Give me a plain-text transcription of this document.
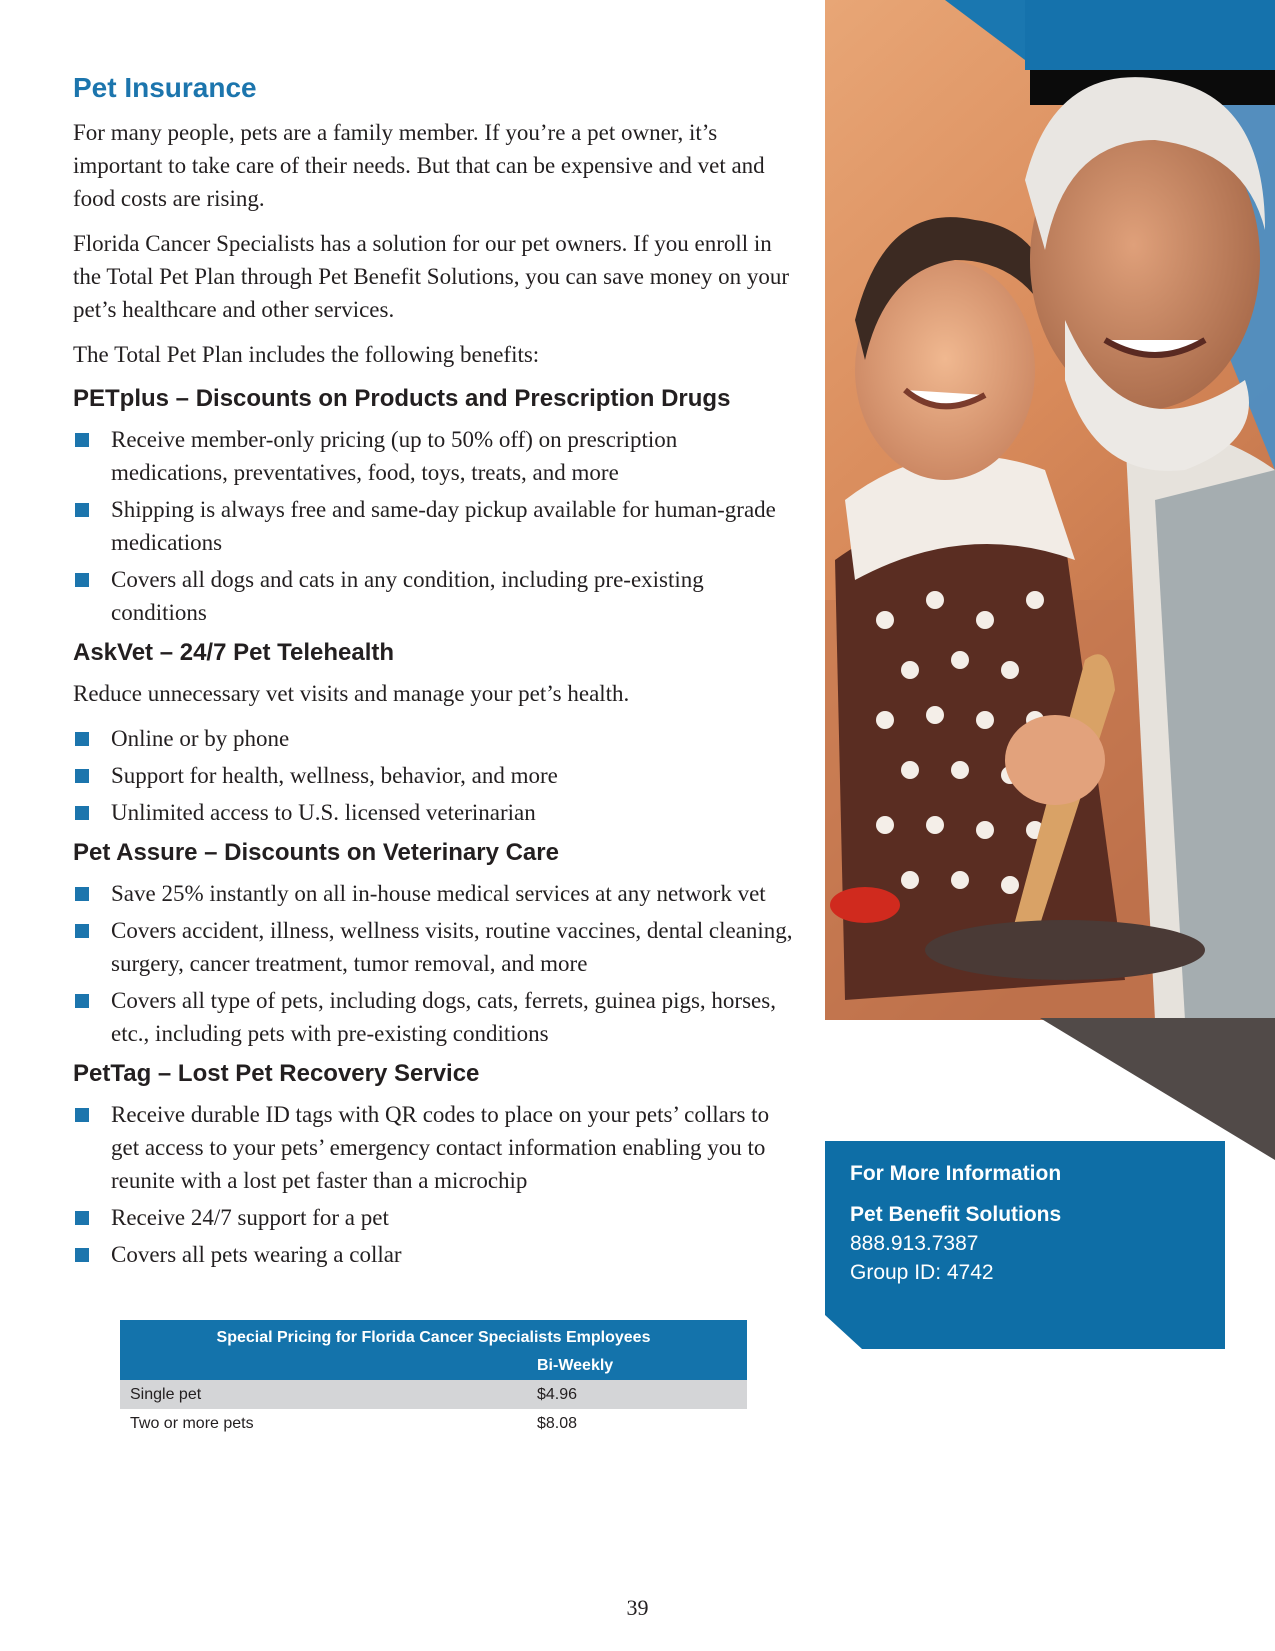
Pet Insurance

For many people, pets are a family member. If you’re a pet owner, it’s important to take care of their needs. But that can be expensive and vet and food costs are rising.

Florida Cancer Specialists has a solution for our pet owners. If you enroll in the Total Pet Plan through Pet Benefit Solutions, you can save money on your pet’s healthcare and other services.

The Total Pet Plan includes the following benefits:

PETplus – Discounts on Products and Prescription Drugs
Receive member-only pricing (up to 50% off) on prescription medications, preventatives, food, toys, treats, and more
Shipping is always free and same-day pickup available for human-grade medications
Covers all dogs and cats in any condition, including pre-existing conditions
AskVet – 24/7 Pet Telehealth

Reduce unnecessary vet visits and manage your pet’s health.

Online or by phone
Support for health, wellness, behavior, and more
Unlimited access to U.S. licensed veterinarian
Pet Assure – Discounts on Veterinary Care
Save 25% instantly on all in-house medical services at any network vet
Covers accident, illness, wellness visits, routine vaccines, dental cleaning, surgery, cancer treatment, tumor removal, and more
Covers all type of pets, including dogs, cats, ferrets, guinea pigs, horses, etc., including pets with pre-existing conditions
PetTag – Lost Pet Recovery Service
Receive durable ID tags with QR codes to place on your pets’ collars to get access to your pets’ emergency contact information enabling you to reunite with a lost pet faster than a microchip
Receive 24/7 support for a pet
Covers all pets wearing a collar
Special Pricing for Florida Cancer Specialists Employees	
	Bi-Weekly
Single pet	$4.96
Two or more pets	$8.08
For More Information
Pet Benefit Solutions
888.913.7387
Group ID: 4742
39
